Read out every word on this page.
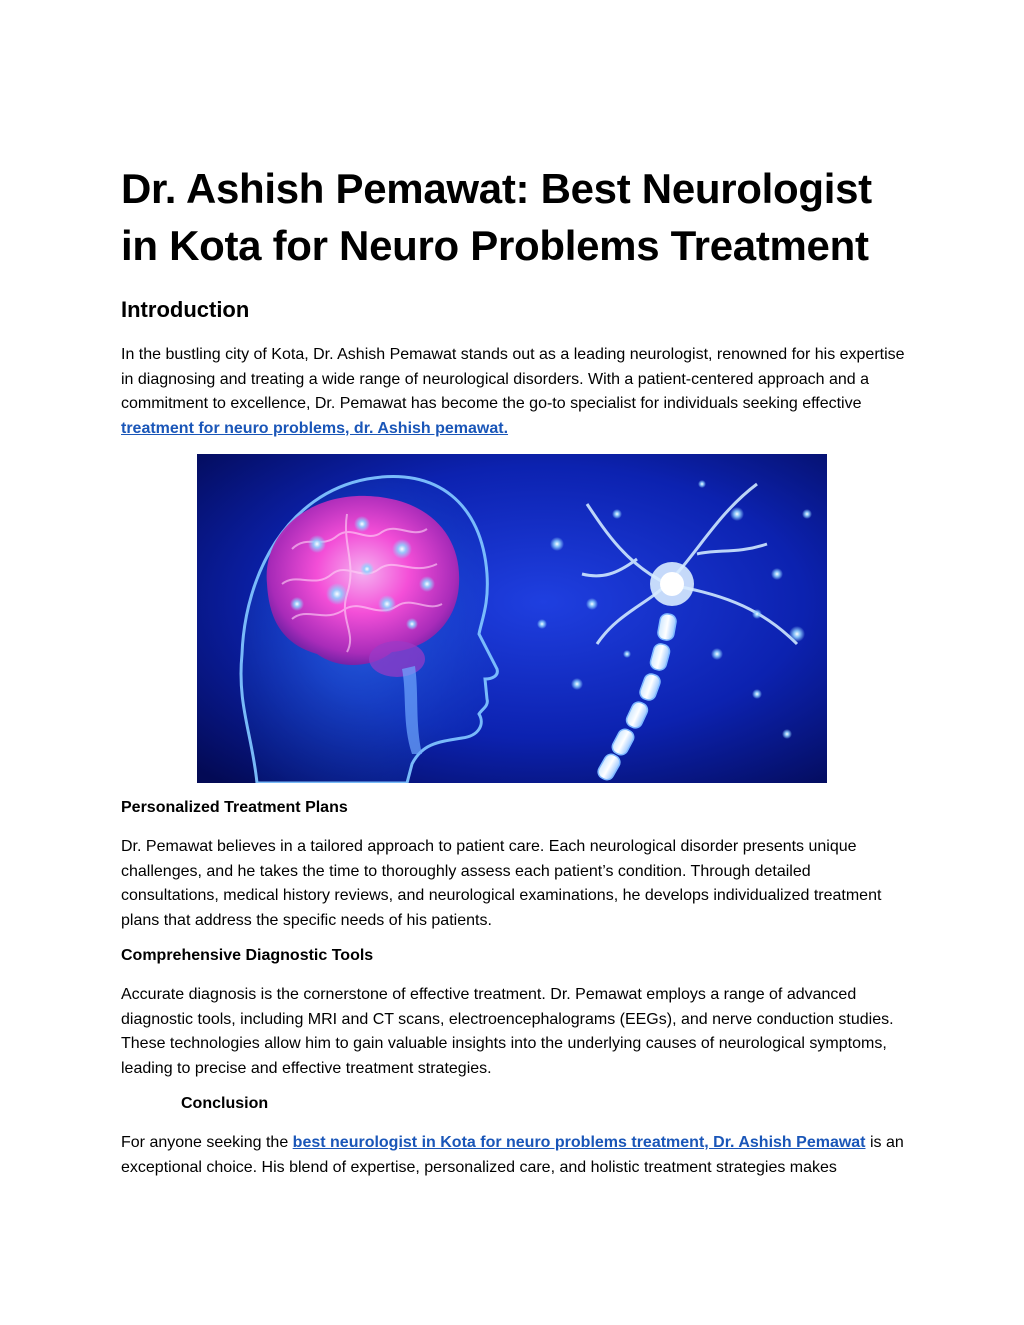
Dr. Ashish Pemawat: Best Neurologist in Kota for Neuro Problems Treatment
Introduction

In the bustling city of Kota, Dr. Ashish Pemawat stands out as a leading neurologist, renowned for his expertise in diagnosing and treating a wide range of neurological disorders. With a patient-centered approach and a commitment to excellence, Dr. Pemawat has become the go-to specialist for individuals seeking effective treatment for neuro problems, dr. Ashish pemawat.

Personalized Treatment Plans

Dr. Pemawat believes in a tailored approach to patient care. Each neurological disorder presents unique challenges, and he takes the time to thoroughly assess each patient’s condition. Through detailed consultations, medical history reviews, and neurological examinations, he develops individualized treatment plans that address the specific needs of his patients.

Comprehensive Diagnostic Tools

Accurate diagnosis is the cornerstone of effective treatment. Dr. Pemawat employs a range of advanced diagnostic tools, including MRI and CT scans, electroencephalograms (EEGs), and nerve conduction studies. These technologies allow him to gain valuable insights into the underlying causes of neurological symptoms, leading to precise and effective treatment strategies.

Conclusion

For anyone seeking the best neurologist in Kota for neuro problems treatment, Dr. Ashish Pemawat is an exceptional choice. His blend of expertise, personalized care, and holistic treatment strategies makes
